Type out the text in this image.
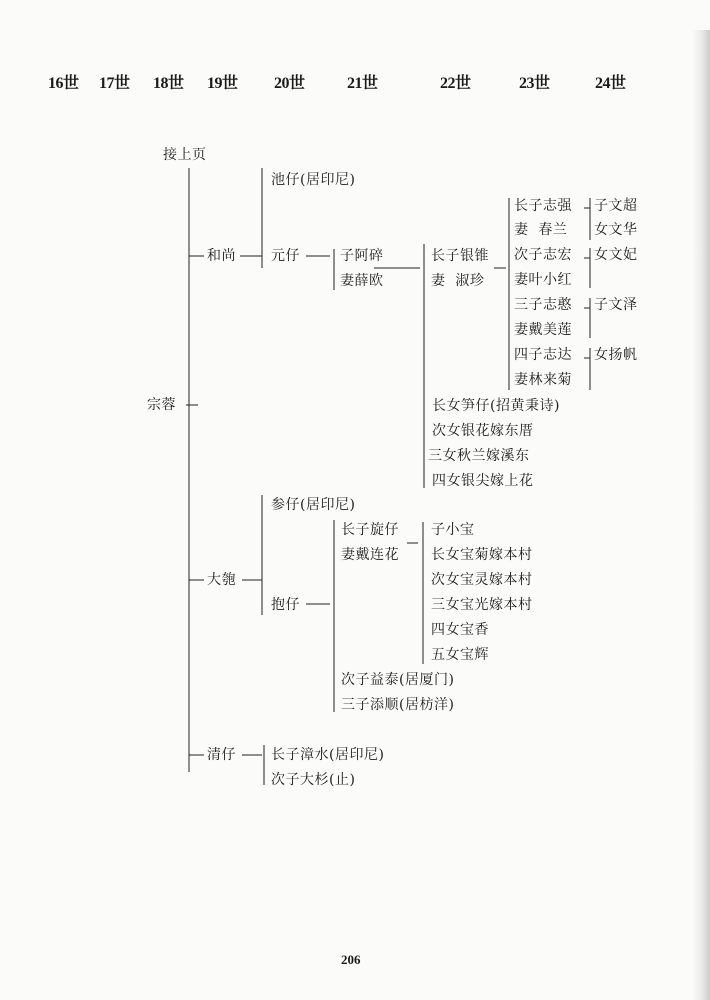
16世 17世 18世 19世 20世	21世	22世	23世	24世
接上页
宗蓉
和尚
池仔(居印尼)
元仔	子阿碎
妻薛欧
长子银锥
妻  淑珍
长子志强
妻  春兰
次子志宏
妻叶小红
三子志憨
妻戴美莲
四子志达
妻林来菊
子文超
女文华
女文妃
子文泽
女扬帆
长女笋仔(招黄秉诗)
次女银花嫁东厝
三女秋兰嫁溪东
四女银尖嫁上花
大匏
参仔(居印尼)
抱仔
长子旋仔
妻戴连花
子小宝
长女宝菊嫁本村
次女宝灵嫁本村
三女宝光嫁本村
四女宝香
五女宝辉
次子益泰(居厦门)
三子添顺(居枋洋)
清仔	长子漳水(居印尼)
次子大杉(止)
206
